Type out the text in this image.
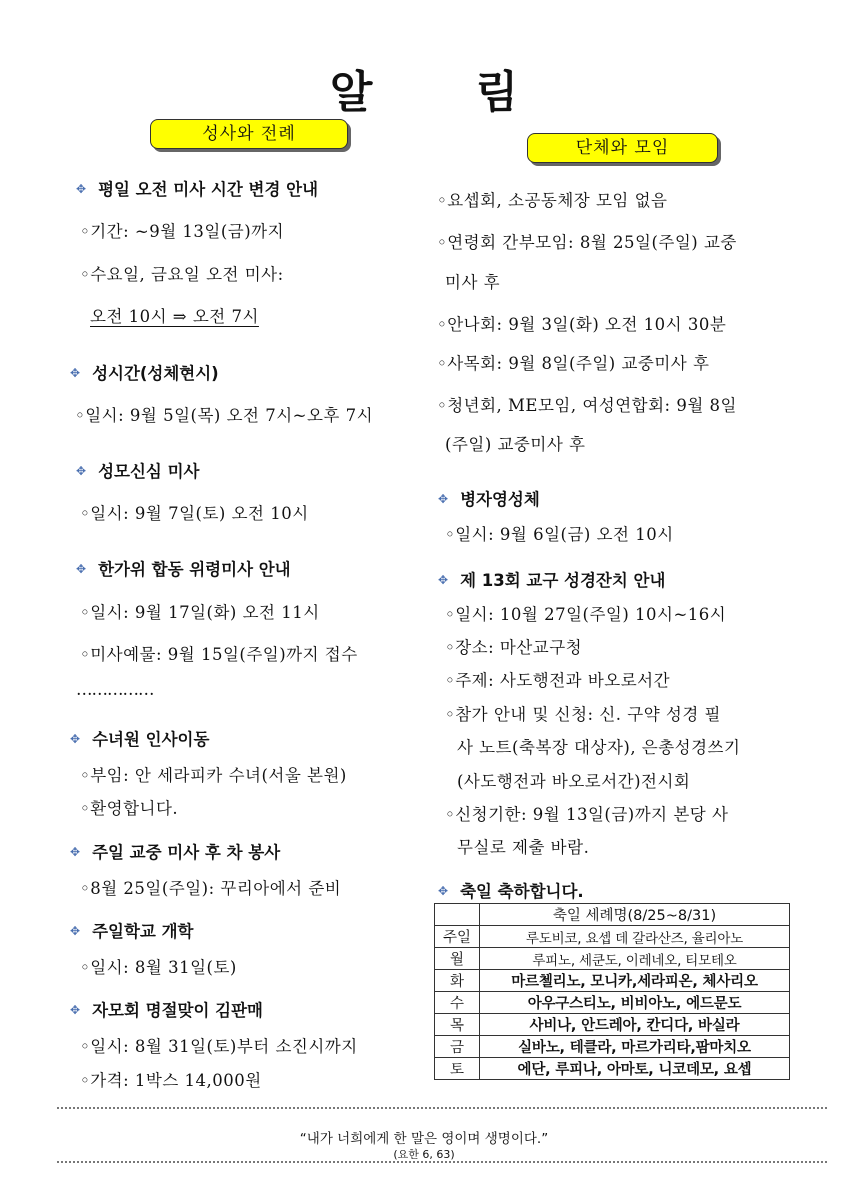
알 림
성사와 전례
단체와 모임
✥ 평일 오전 미사 시간 변경 안내
◦기간: ~9월 13일(금)까지
◦수요일, 금요일 오전 미사:
오전 10시 ⇒ 오전 7시
✥ 성시간(성체현시)
◦일시: 9월 5일(목) 오전 7시~오후 7시
✥ 성모신심 미사
◦일시: 9월 7일(토) 오전 10시
✥ 한가위 합동 위령미사 안내
◦일시: 9월 17일(화) 오전 11시
◦미사예물: 9월 15일(주일)까지 접수
……………
✥ 수녀원 인사이동
◦부임: 안 세라피카 수녀(서울 본원)
◦환영합니다.
✥ 주일 교중 미사 후 차 봉사
◦8월 25일(주일): 꾸리아에서 준비
✥ 주일학교 개학
◦일시: 8월 31일(토)
✥ 자모회 명절맞이 김판매
◦일시: 8월 31일(토)부터 소진시까지
◦가격: 1박스 14,000원
◦요셉회, 소공동체장 모임 없음
◦연령회 간부모임: 8월 25일(주일) 교중
미사 후
◦안나회: 9월 3일(화) 오전 10시 30분
◦사목회: 9월 8일(주일) 교중미사 후
◦청년회, ME모임, 여성연합회: 9월 8일
(주일) 교중미사 후
✥ 병자영성체
◦일시: 9월 6일(금) 오전 10시
✥ 제 13회 교구 성경잔치 안내
◦일시: 10월 27일(주일) 10시~16시
◦장소: 마산교구청
◦주제: 사도행전과 바오로서간
◦참가 안내 및 신청: 신. 구약 성경 필
사 노트(축복장 대상자), 은총성경쓰기
(사도행전과 바오로서간)전시회
◦신청기한: 9월 13일(금)까지 본당 사
무실로 제출 바람.
✥ 축일 축하합니다.
	축일 세례명(8/25~8/31)
주일	루도비코, 요셉 데 갈라산즈, 율리아노
월	루피노, 세쿤도, 이레네오, 티모테오
화	마르첼리노, 모니카,세라피온, 체사리오
수	아우구스티노, 비비아노, 에드문도
목	사비나, 안드레아, 칸디다, 바실라
금	실바노, 테클라, 마르가리타,팜마치오
토	에단, 루피나, 아마토, 니코데모, 요셉
“내가 너희에게 한 말은 영이며 생명이다.”
(요한 6, 63)
